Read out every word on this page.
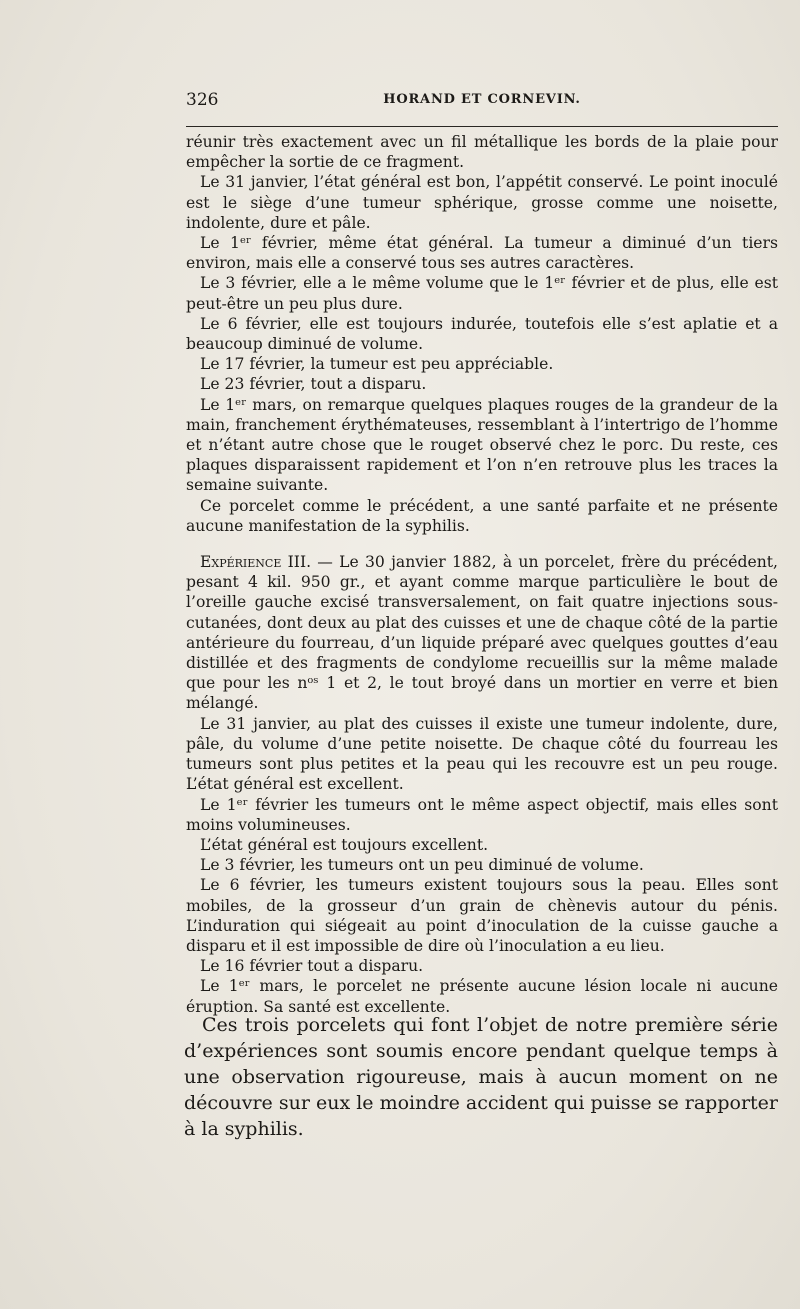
326	HORAND ET CORNEVIN.

réunir très exactement avec un fil métallique les bords de la plaie pour empêcher la sortie de ce fragment.

Le 31 janvier, l’état général est bon, l’appétit conservé. Le point inoculé est le siège d’une tumeur sphérique, grosse comme une noisette, indolente, dure et pâle.

Le 1ᵉʳ février, même état général. La tumeur a diminué d’un tiers environ, mais elle a conservé tous ses autres caractères.

Le 3 février, elle a le même volume que le 1ᵉʳ février et de plus, elle est peut-être un peu plus dure.

Le 6 février, elle est toujours indurée, toutefois elle s’est aplatie et a beaucoup diminué de volume.

Le 17 février, la tumeur est peu appréciable.

Le 23 février, tout a disparu.

Le 1ᵉʳ mars, on remarque quelques plaques rouges de la grandeur de la main, franchement érythémateuses, ressemblant à l’intertrigo de l’homme et n’étant autre chose que le rouget observé chez le porc. Du reste, ces plaques disparaissent rapidement et l’on n’en retrouve plus les traces la semaine suivante.

Ce porcelet comme le précédent, a une santé parfaite et ne présente aucune manifestation de la syphilis.

Expérience III. — Le 30 janvier 1882, à un porcelet, frère du précédent, pesant 4 kil. 950 gr., et ayant comme marque particulière le bout de l’oreille gauche excisé transversalement, on fait quatre injections sous-cutanées, dont deux au plat des cuisses et une de chaque côté de la partie antérieure du fourreau, d’un liquide préparé avec quelques gouttes d’eau distillée et des fragments de condylome recueillis sur la même malade que pour les nᵒˢ 1 et 2, le tout broyé dans un mortier en verre et bien mélangé.

Le 31 janvier, au plat des cuisses il existe une tumeur indolente, dure, pâle, du volume d’une petite noisette. De chaque côté du fourreau les tumeurs sont plus petites et la peau qui les recouvre est un peu rouge. L’état général est excellent.

Le 1ᵉʳ février les tumeurs ont le même aspect objectif, mais elles sont moins volumineuses.

L’état général est toujours excellent.

Le 3 février, les tumeurs ont un peu diminué de volume.

Le 6 février, les tumeurs existent toujours sous la peau. Elles sont mobiles, de la grosseur d’un grain de chènevis autour du pénis. L’induration qui siégeait au point d’inoculation de la cuisse gauche a disparu et il est impossible de dire où l’inoculation a eu lieu.

Le 16 février tout a disparu.

Le 1ᵉʳ mars, le porcelet ne présente aucune lésion locale ni aucune éruption. Sa santé est excellente.

Ces trois porcelets qui font l’objet de notre première série d’expériences sont soumis encore pendant quelque temps à une observation rigoureuse, mais à aucun moment on ne découvre sur eux le moindre accident qui puisse se rapporter à la syphilis.
